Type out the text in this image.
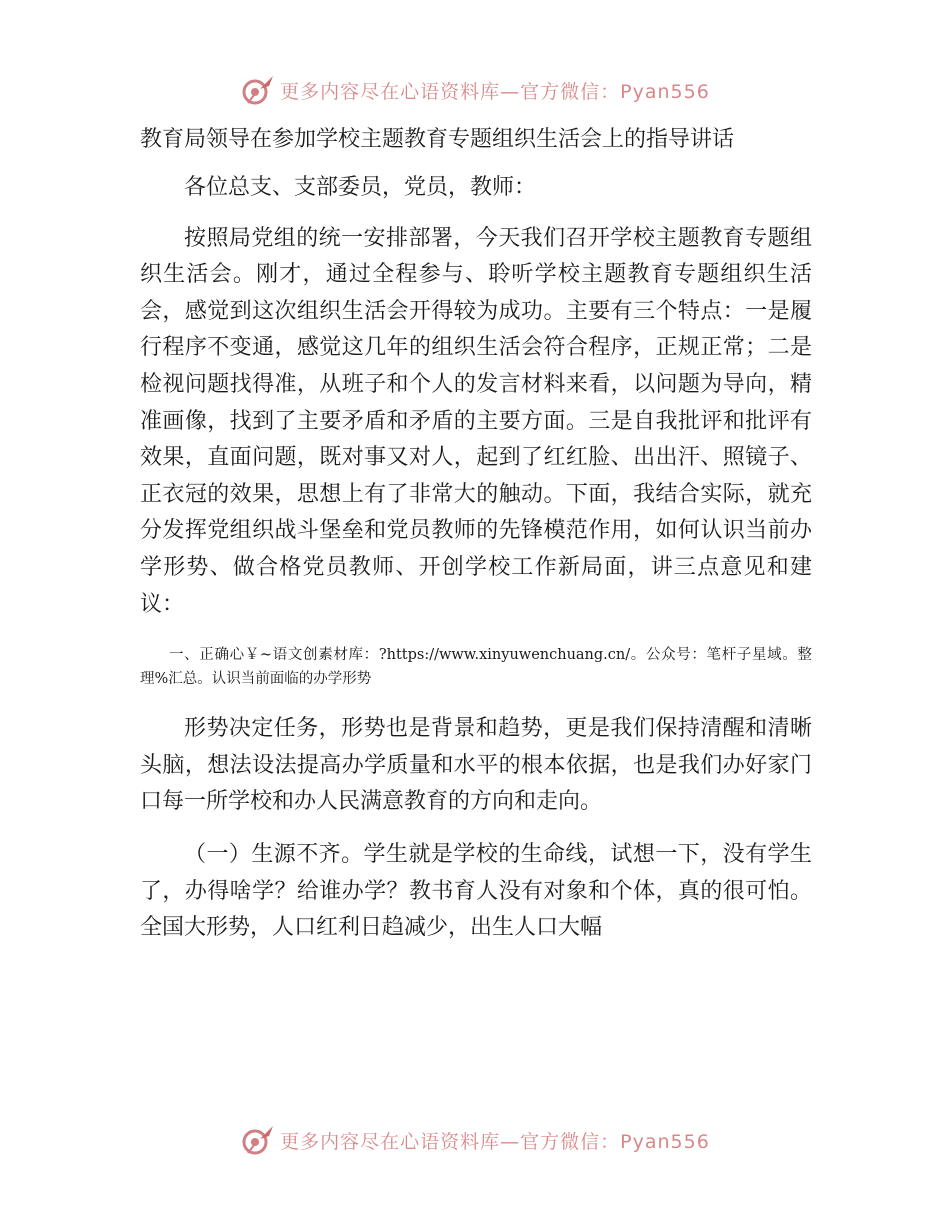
更多内容尽在心语资料库—官方微信：Pyan556

教育局领导在参加学校主题教育专题组织生活会上的指导讲话

各位总支、支部委员，党员，教师：

按照局党组的统一安排部署，今天我们召开学校主题教育专题组织生活会。刚才，通过全程参与、聆听学校主题教育专题组织生活会，感觉到这次组织生活会开得较为成功。主要有三个特点：一是履行程序不变通，感觉这几年的组织生活会符合程序，正规正常；二是检视问题找得准，从班子和个人的发言材料来看，以问题为导向，精准画像，找到了主要矛盾和矛盾的主要方面。三是自我批评和批评有效果，直面问题，既对事又对人，起到了红红脸、出出汗、照镜子、正衣冠的效果，思想上有了非常大的触动。下面，我结合实际，就充分发挥党组织战斗堡垒和党员教师的先锋模范作用，如何认识当前办学形势、做合格党员教师、开创学校工作新局面，讲三点意见和建议：

一、正确心￥~语文创素材库：?https://www.xinyuwenchuang.cn/。公众号：笔杆子星域。整理%汇总。认识当前面临的办学形势

形势决定任务，形势也是背景和趋势，更是我们保持清醒和清晰头脑，想法设法提高办学质量和水平的根本依据，也是我们办好家门口每一所学校和办人民满意教育的方向和走向。

（一）生源不齐。学生就是学校的生命线，试想一下，没有学生了，办得啥学？给谁办学？教书育人没有对象和个体，真的很可怕。全国大形势，人口红利日趋减少，出生人口大幅

更多内容尽在心语资料库—官方微信：Pyan556
